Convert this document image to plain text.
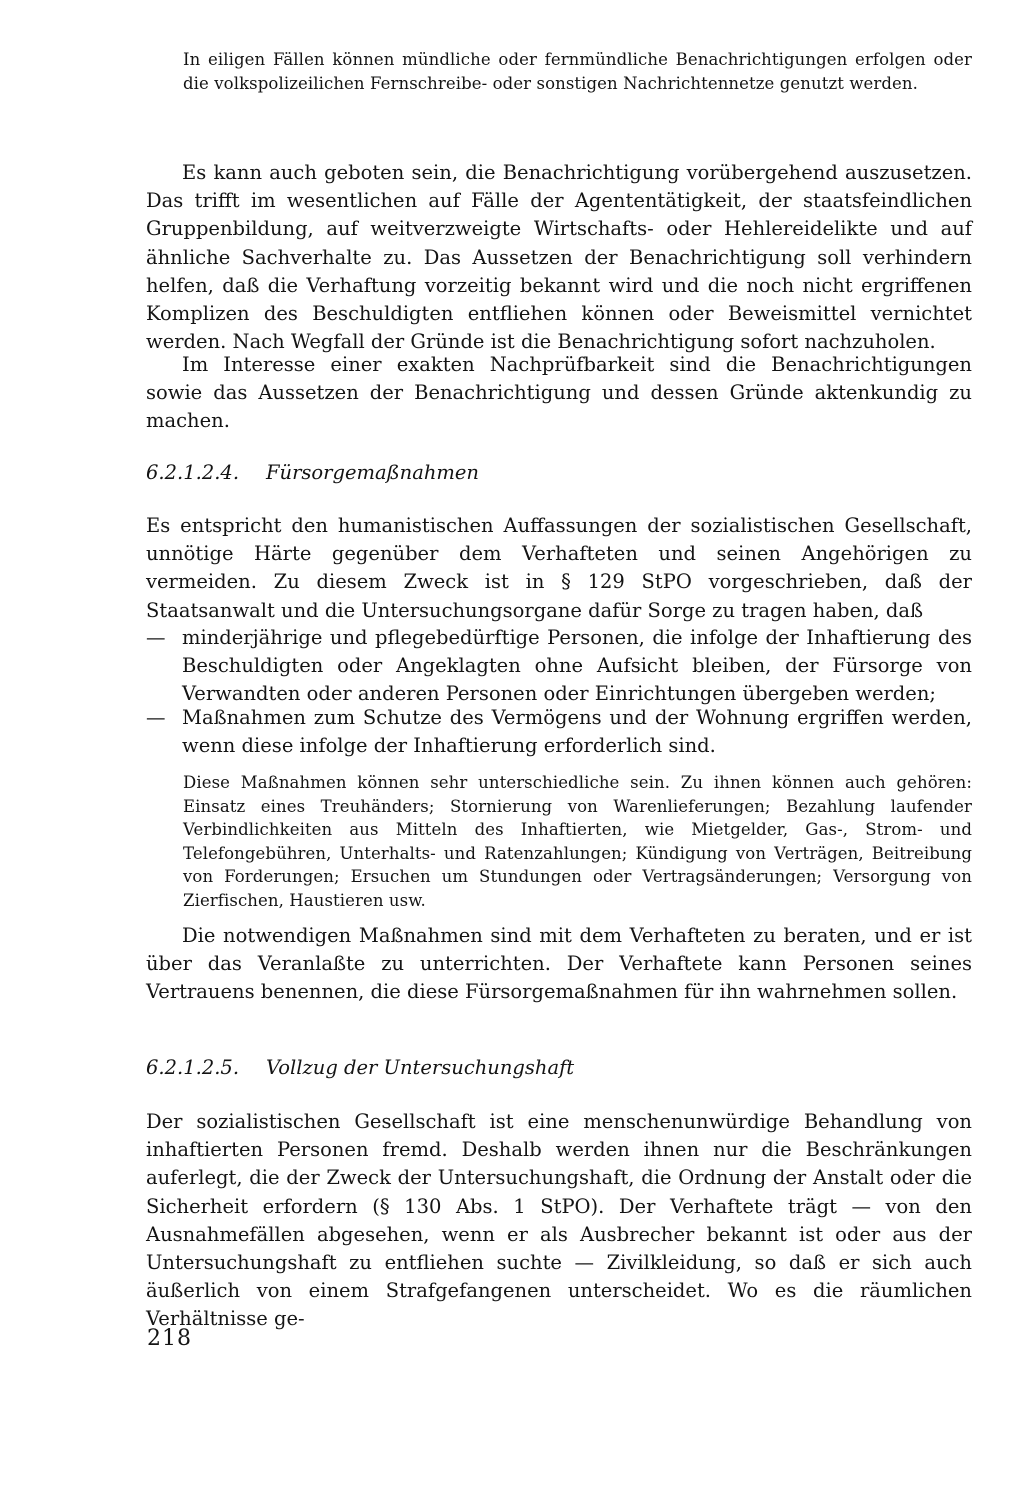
In eiligen Fällen können mündliche oder fernmündliche Benachrichtigungen erfolgen oder die volkspolizeilichen Fernschreibe- oder sonstigen Nachrichtennetze genutzt werden.
Es kann auch geboten sein, die Benachrichtigung vorübergehend auszusetzen. Das trifft im wesentlichen auf Fälle der Agententätigkeit, der staatsfeindlichen Gruppenbildung, auf weitverzweigte Wirtschafts- oder Hehlereidelikte und auf ähnliche Sachverhalte zu. Das Aussetzen der Benachrichtigung soll verhindern helfen, daß die Verhaftung vorzeitig bekannt wird und die noch nicht ergriffenen Komplizen des Beschuldigten entfliehen können oder Beweismittel vernichtet werden. Nach Wegfall der Gründe ist die Benachrichtigung sofort nachzuholen.
Im Interesse einer exakten Nachprüfbarkeit sind die Benachrichtigungen sowie das Aussetzen der Benachrichtigung und dessen Gründe aktenkundig zu machen.
6.2.1.2.4. Fürsorgemaßnahmen
Es entspricht den humanistischen Auffassungen der sozialistischen Gesellschaft, unnötige Härte gegenüber dem Verhafteten und seinen Angehörigen zu vermeiden. Zu diesem Zweck ist in § 129 StPO vorgeschrieben, daß der Staatsanwalt und die Untersuchungsorgane dafür Sorge zu tragen haben, daß
— minderjährige und pflegebedürftige Personen, die infolge der Inhaftierung des Beschuldigten oder Angeklagten ohne Aufsicht bleiben, der Fürsorge von Verwandten oder anderen Personen oder Einrichtungen übergeben werden;
— Maßnahmen zum Schutze des Vermögens und der Wohnung ergriffen werden, wenn diese infolge der Inhaftierung erforderlich sind.
Diese Maßnahmen können sehr unterschiedliche sein. Zu ihnen können auch gehören: Einsatz eines Treuhänders; Stornierung von Warenlieferungen; Bezahlung laufender Verbindlichkeiten aus Mitteln des Inhaftierten, wie Mietgelder, Gas-, Strom- und Telefongebühren, Unterhalts- und Ratenzahlungen; Kündigung von Verträgen, Beitreibung von Forderungen; Ersuchen um Stundungen oder Vertragsänderungen; Versorgung von Zierfischen, Haustieren usw.
Die notwendigen Maßnahmen sind mit dem Verhafteten zu beraten, und er ist über das Veranlaßte zu unterrichten. Der Verhaftete kann Personen seines Vertrauens benennen, die diese Fürsorgemaßnahmen für ihn wahrnehmen sollen.
6.2.1.2.5. Vollzug der Untersuchungshaft
Der sozialistischen Gesellschaft ist eine menschenunwürdige Behandlung von inhaftierten Personen fremd. Deshalb werden ihnen nur die Beschränkungen auferlegt, die der Zweck der Untersuchungshaft, die Ordnung der Anstalt oder die Sicherheit erfordern (§ 130 Abs. 1 StPO). Der Verhaftete trägt — von den Ausnahmefällen abgesehen, wenn er als Ausbrecher bekannt ist oder aus der Untersuchungshaft zu entfliehen suchte — Zivilkleidung, so daß er sich auch äußerlich von einem Strafgefangenen unterscheidet. Wo es die räumlichen Verhältnisse ge-
218
